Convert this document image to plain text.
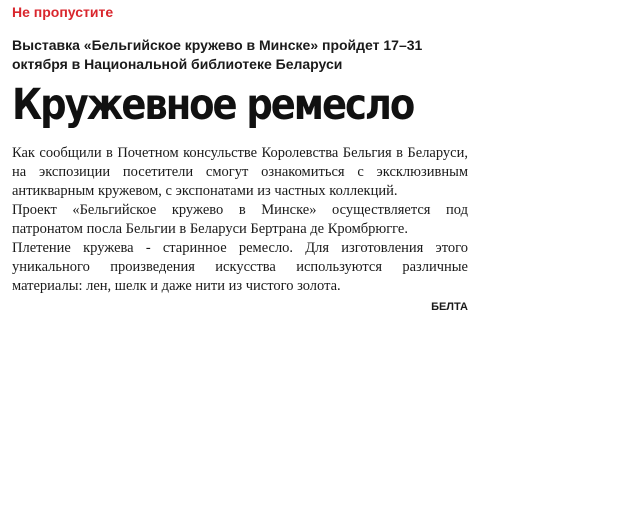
Не пропустите
Выставка «Бельгийское кружево в Минске» пройдет 17–31 октября в Национальной библиотеке Беларуси
Кружевное ремесло

Как сообщили в Почетном консульстве Королевства Бельгия в Беларуси, на экспозиции посетители смогут ознакомиться с эксклюзивным антикварным кружевом, с экспонатами из частных коллекций.

Проект «Бельгийское кружево в Минске» осуществляется под патронатом посла Бельгии в Беларуси Бертрана де Кромбрюгге.

Плетение кружева - старинное ремесло. Для изготовления этого уникального произведения искусства используются различные материалы: лен, шелк и даже нити из чистого золота.

БЕЛТА
